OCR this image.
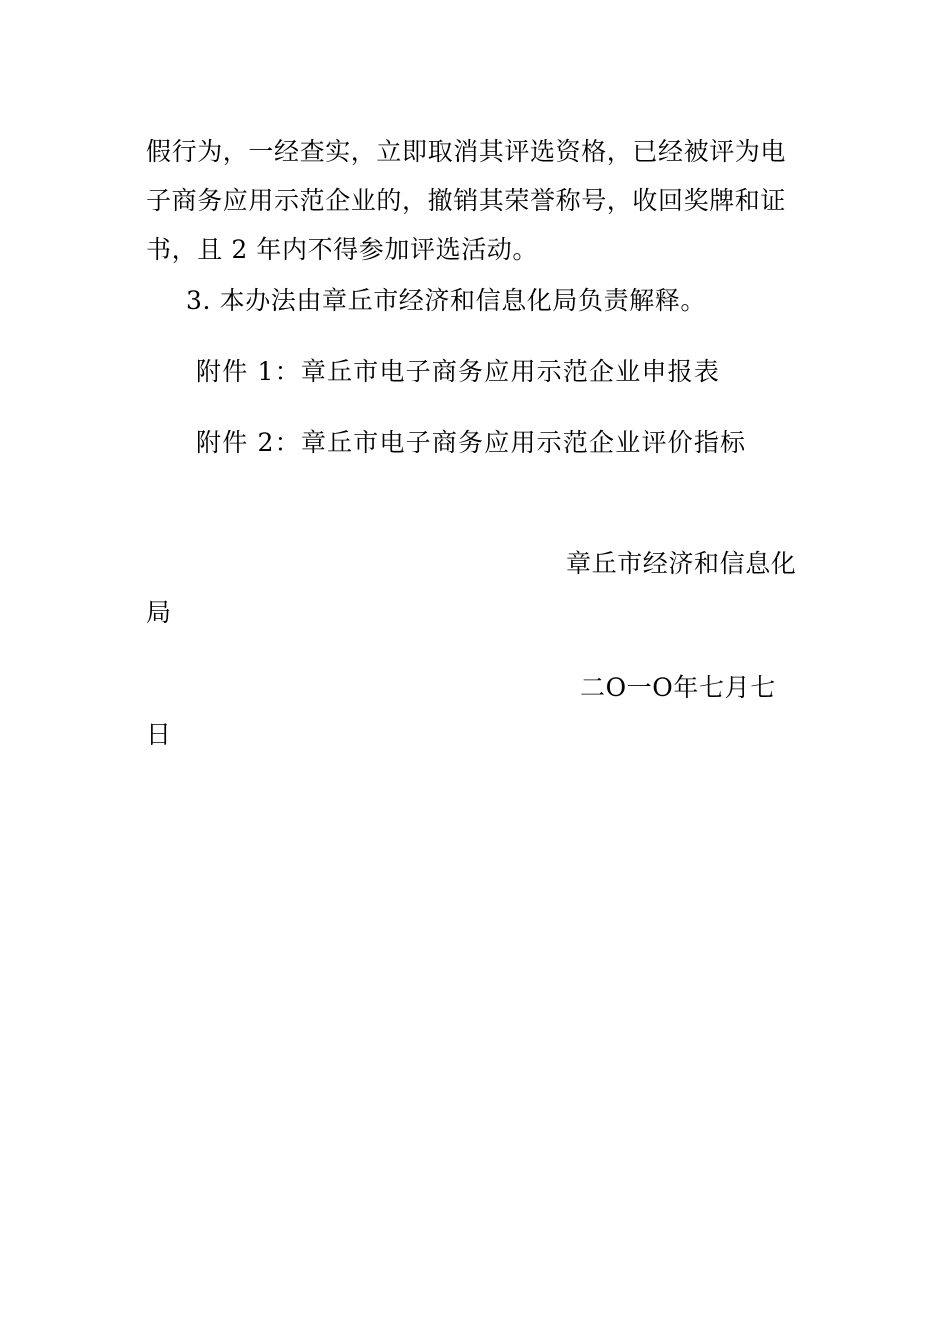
假行为，一经查实，立即取消其评选资格，已经被评为电
子商务应用示范企业的，撤销其荣誉称号，收回奖牌和证
书，且 2 年内不得参加评选活动。
3. 本办法由章丘市经济和信息化局负责解释。
附件 1：章丘市电子商务应用示范企业申报表
附件 2：章丘市电子商务应用示范企业评价指标
章丘市经济和信息化
局
二O一O年七月七
日
